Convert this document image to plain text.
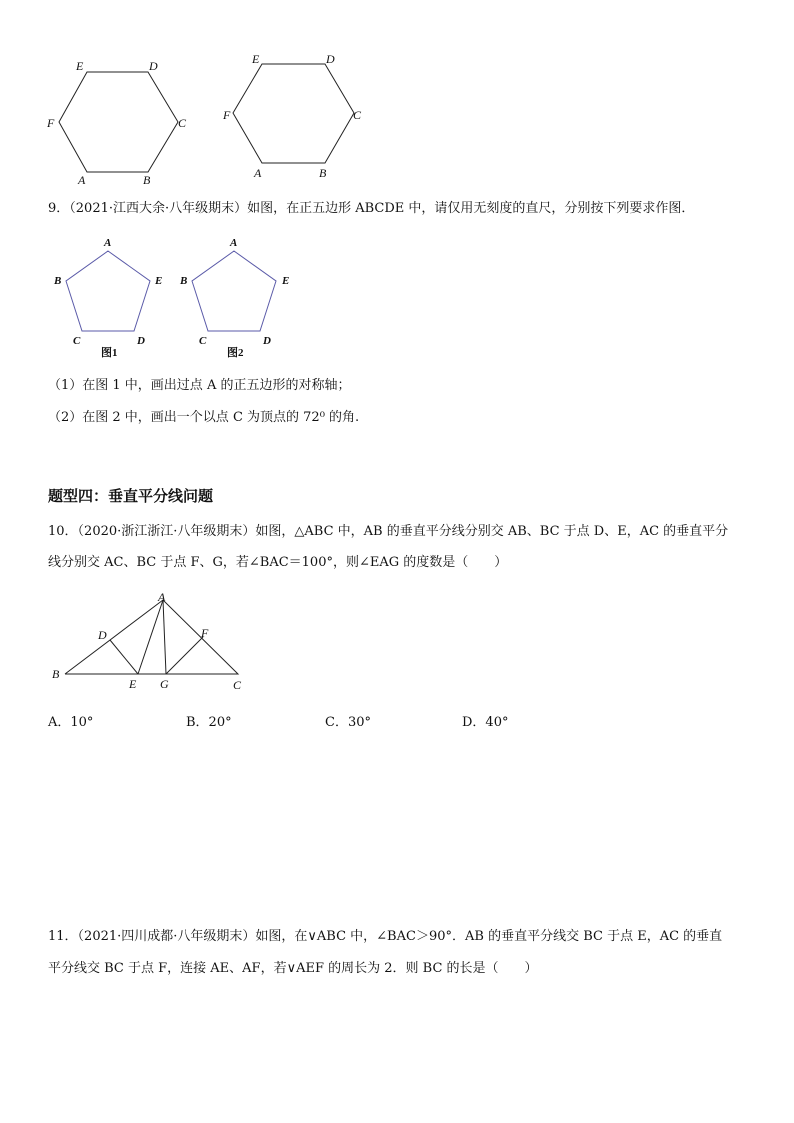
E	D
F	C
A	B
E	D
F	C
A	B
9．（2021·江西大余·八年级期末）如图，在正五边形 ABCDE 中，请仅用无刻度的直尺，分别按下列要求作图．
A
B	E
C	D
图1
A
B	E
C	D
图2
（1）在图 1 中，画出过点 A 的正五边形的对称轴；
（2）在图 2 中，画出一个以点 C 为顶点的 72⁰ 的角.
题型四：垂直平分线问题
10．（2020·浙江浙江·八年级期末）如图，△ABC 中，AB 的垂直平分线分别交 AB、BC 于点 D、E，AC 的垂直平分
线分别交 AC、BC 于点 F、G，若∠BAC＝100°，则∠EAG 的度数是（　　）
A
B
C
D
E
F
G
A．10°	B．20°	C．30°	D．40°
11．（2021·四川成都·八年级期末）如图，在∨ABC 中，∠BAC＞90°．AB 的垂直平分线交 BC 于点 E，AC 的垂直
平分线交 BC 于点 F，连接 AE、AF，若∨AEF 的周长为 2．则 BC 的长是（　　）
